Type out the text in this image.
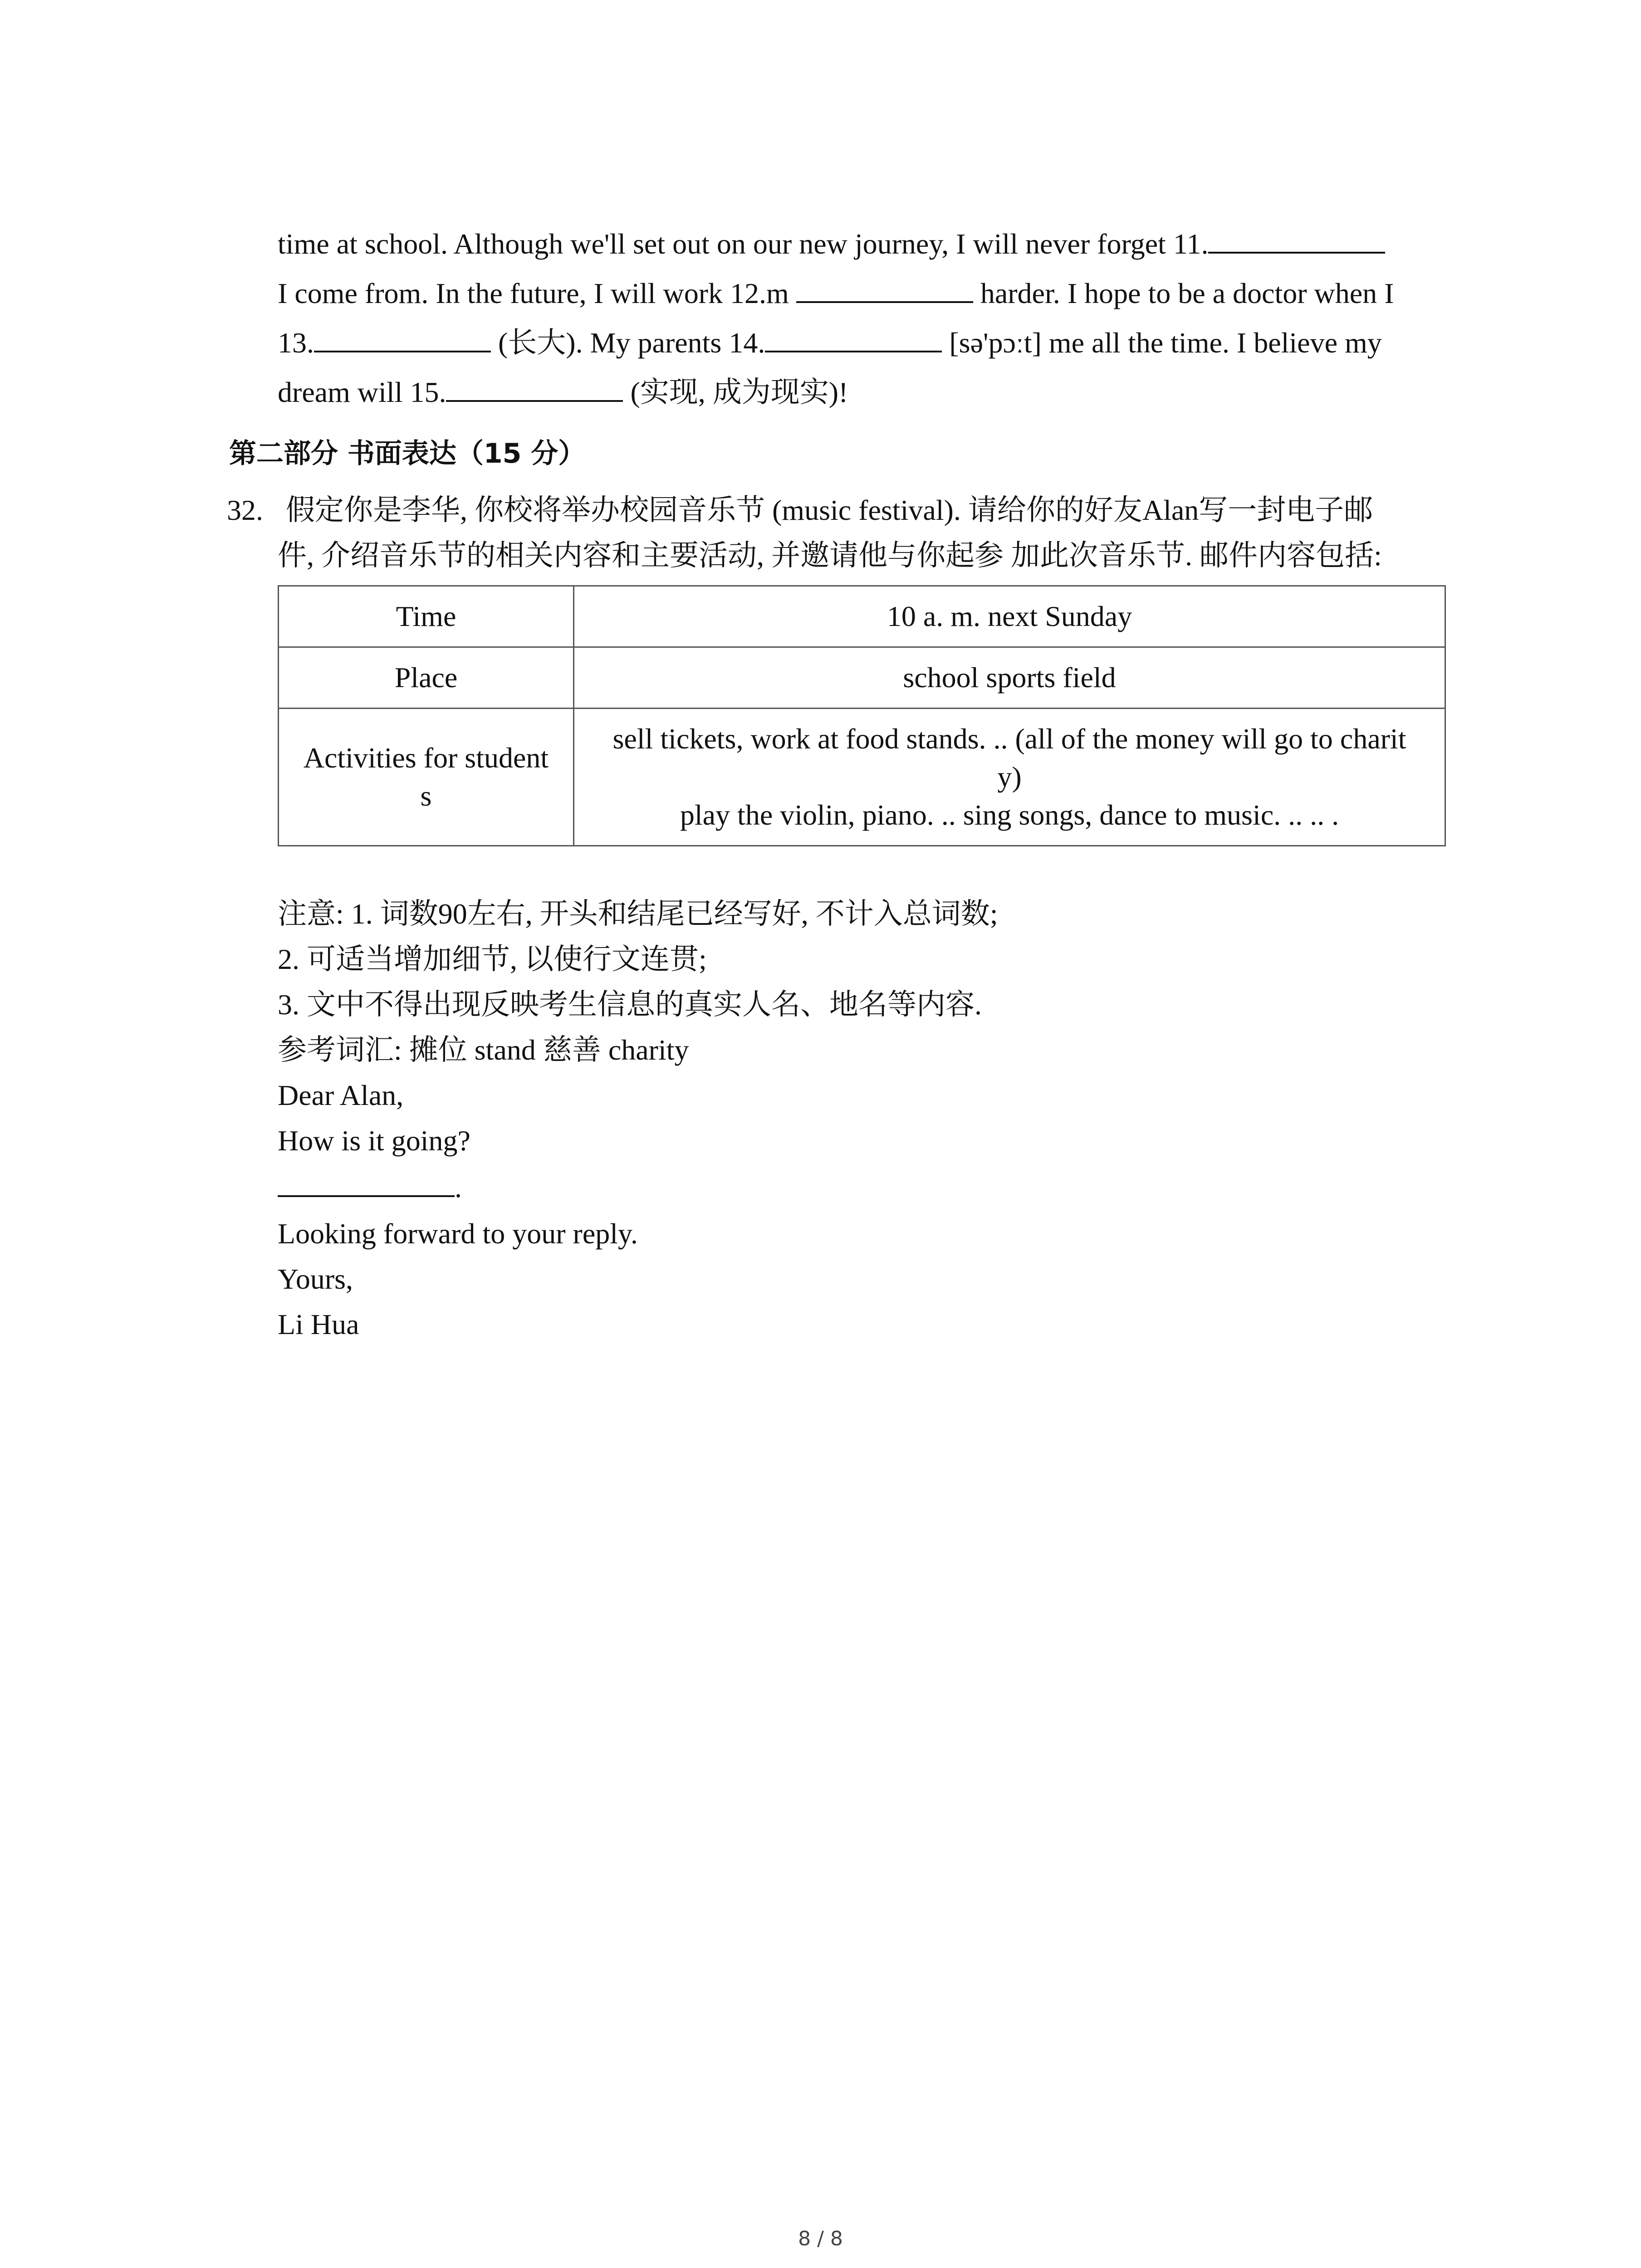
time at school. Although we'll set out on our new journey, I will never forget 11.
I come from. In the future, I will work 12.m	harder. I hope to be a doctor when I
13.	(长大). My parents 14.	[sə'pɔːt] me all the time. I believe my
dream will 15.	(实现, 成为现实)!
第二部分 书面表达（15 分）
32. 假定你是李华, 你校将举办校园音乐节 (music festival). 请给你的好友Alan写一封电子邮
件, 介绍音乐节的相关内容和主要活动, 并邀请他与你起参 加此次音乐节. 邮件内容包括:
Time	10 a. m. next Sunday
Place	school sports field

Activities for student
s	sell tickets, work at food stands. .. (all of the money will go to charit
y)
play the violin, piano. .. sing songs, dance to music. .. .. .
注意: 1. 词数90左右, 开头和结尾已经写好, 不计入总词数;
2. 可适当增加细节, 以使行文连贯;
3. 文中不得出现反映考生信息的真实人名、地名等内容.
参考词汇: 摊位 stand 慈善 charity
Dear Alan,
How is it going?
.
Looking forward to your reply.
Yours,
Li Hua
8 / 8
